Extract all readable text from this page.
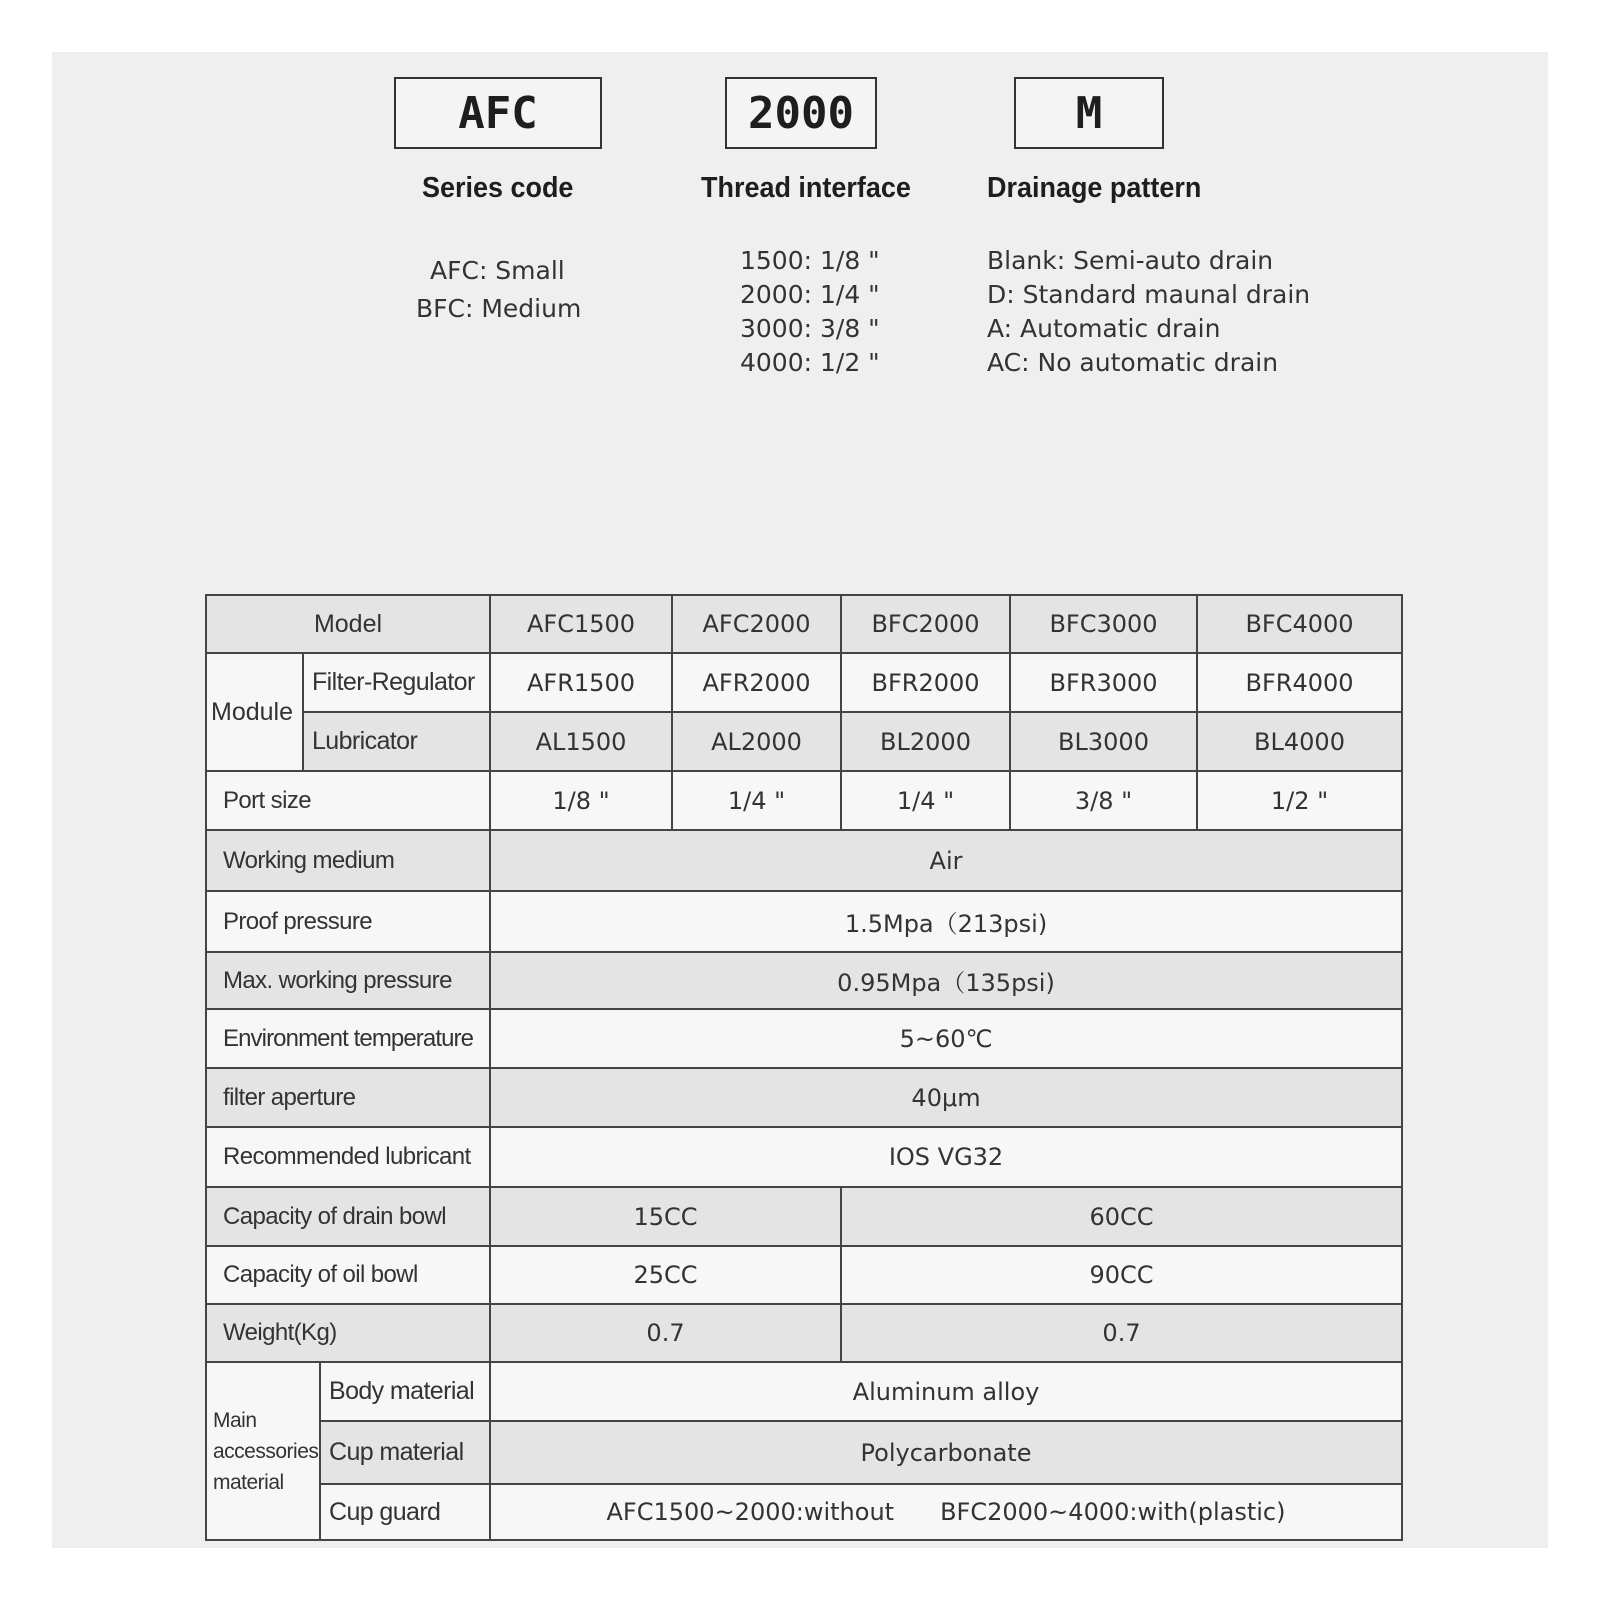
AFC	2000	M
Series code	Thread interface	Drainage pattern
AFC: Small
BFC: Medium
1500: 1/8 "
2000: 1/4 "
3000: 3/8 "
4000: 1/2 "
Blank: Semi-auto drain
D: Standard maunal drain
A: Automatic drain
AC: No automatic drain
Model			AFC1500	AFC2000	BFC2000	BFC3000	BFC4000
Module	Filter-Regulator		AFR1500	AFR2000	BFR2000	BFR3000	BFR4000
	Lubricator		AL1500	AL2000	BL2000	BL3000	BL4000
Port size			1/8 "	1/4 "	1/4 "	3/8 "	1/2 "
Working medium			Air				
Proof pressure			1.5Mpa（213psi)				
Max. working pressure			0.95Mpa（135psi)				
Environment temperature			5~60℃				
filter aperture			40μm				
Recommended lubricant			IOS VG32				
Capacity of drain bowl			15CC		60CC		
Capacity of oil bowl			25CC		90CC		
Weight(Kg)			0.7		0.7		
Main accessories material		Body material	Aluminum alloy				
		Cup material	Polycarbonate				
		Cup guard	AFC1500~2000:without BFC2000~4000:with(plastic)				
